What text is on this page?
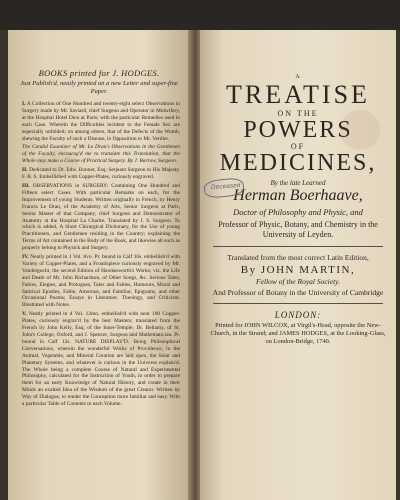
BOOKS printed for J. HODGES.
Just Publish'd, neatly printed on a new Letter and super-fine Paper.

I. A Collection of One Hundred and twenty-eight select Observations in Surgery made by Mr. Saviard, chief Surgeon and Operator in Midwifery, at the Hospital Hotel Dieu at Paris; with the particular Remedies used in each Case. Wherein the Difficulties incident to the Female Sex are especially unfolded; on among others, that of the Defects of the Womb, shewing the Faculty of such a Disease, in Opposition to Mr. Verdier.

The Candid Examiner of Mr. Le Dran's Observations in the Gentlemen of the Faculty, encourag'd me to translate this Translation, that the Whole may make a Course of Practical Surgery. By J. Barrow, Surgeon.

II. Dedicated to Dr. Edw. Bonner, Esq; Serjeant Surgeon to His Majesty. F. R. S. Embellished with Copper-Plates, curiously engraved.

III. OBSERVATIONS in SURGERY: Containing One Hundred and Fifteen select Cases. With particular Remarks on each, for the Improvement of young Students. Written originally in French, by Henry Francis Le Dran, of the Academy of Arts, Senior Surgeon at Paris, Senior Master of that Company, chief Surgeon and Demonstrator of Anatomy at the Hospital La Charite. Translated by J. S. Surgeon. To which is added, A Short Chirurgical Dictionary, for the Use of young Practitioners, and Gentlemen residing in the Country; explaining the Terms of Art contained in the Body of the Book, and likewise all such as properly belong to Physick and Surgery.

IV. Neatly printed in 1 Vol. 8vo. Pr. bound in Calf 10s. embellish'd with Variety of Copper-Plates, and a Frontispiece curiously engraved by Mr. Vandergucht, the second Edition of Hawkesworth's Works; viz. the Life and Death of Mr. John Richardson, of Other Songs, &c. Serious Tales, Fables, Elegies, and Prologues, Tales and Fables, Humours, Moral and Satirical Epistles, Fable, Amorous, and Familiar, Epigrams, and other Occasional Poems; Essays in Literature, Theology, and Criticism. Illustrated with Notes.

V. Neatly printed in 4 Vol. 12mo. embellish'd with near 100 Copper-Plates, curiously engrav'd by the best Masters; translated from the French by John Kelly, Esq; of the Inner-Temple; Dr. Bellamy, of St. John's College, Oxford, and J. Spencer, Surgeon and Mathematician. Pr. bound in Calf 12s. NATURE DISPLAY'D. Being Philosophical Conversations, wherein the wonderful Works of Providence, in the Animal, Vegetable, and Mineral Creation are laid open, the Solar and Planetary Systems, and whatever is curious in the Universe explain'd. The Whole being a complete Course of Natural and Experimental Philosophy, calculated for the Instruction of Youth, in order to prepare them for an early Knowledge of Natural History, and create in their Minds an exalted Idea of the Wisdom of the great Creator. Written by Way of Dialogue, to render the Conception more familiar and easy. With a particular Table of Contents to each Volume.

A
TREATISE
ON THE
POWERS
OF
MEDICINES,
Deceased	By the late Learned
Herman Boerhaave,
Doctor of Philosophy and Physic, and
Professor of Physic, Botany, and Chemistry in the University of Leyden.
Translated from the most correct Latin Edition,
By JOHN MARTIN,
Fellow of the Royal Society.
And Professor of Botany in the University of Cambridge
LONDON:
Printed for JOHN WILCOX, at Virgil's-Head, opposite the New-Church, in the Strand; and JAMES HODGES, at the Looking-Glass, on London-Bridge, 1740.
